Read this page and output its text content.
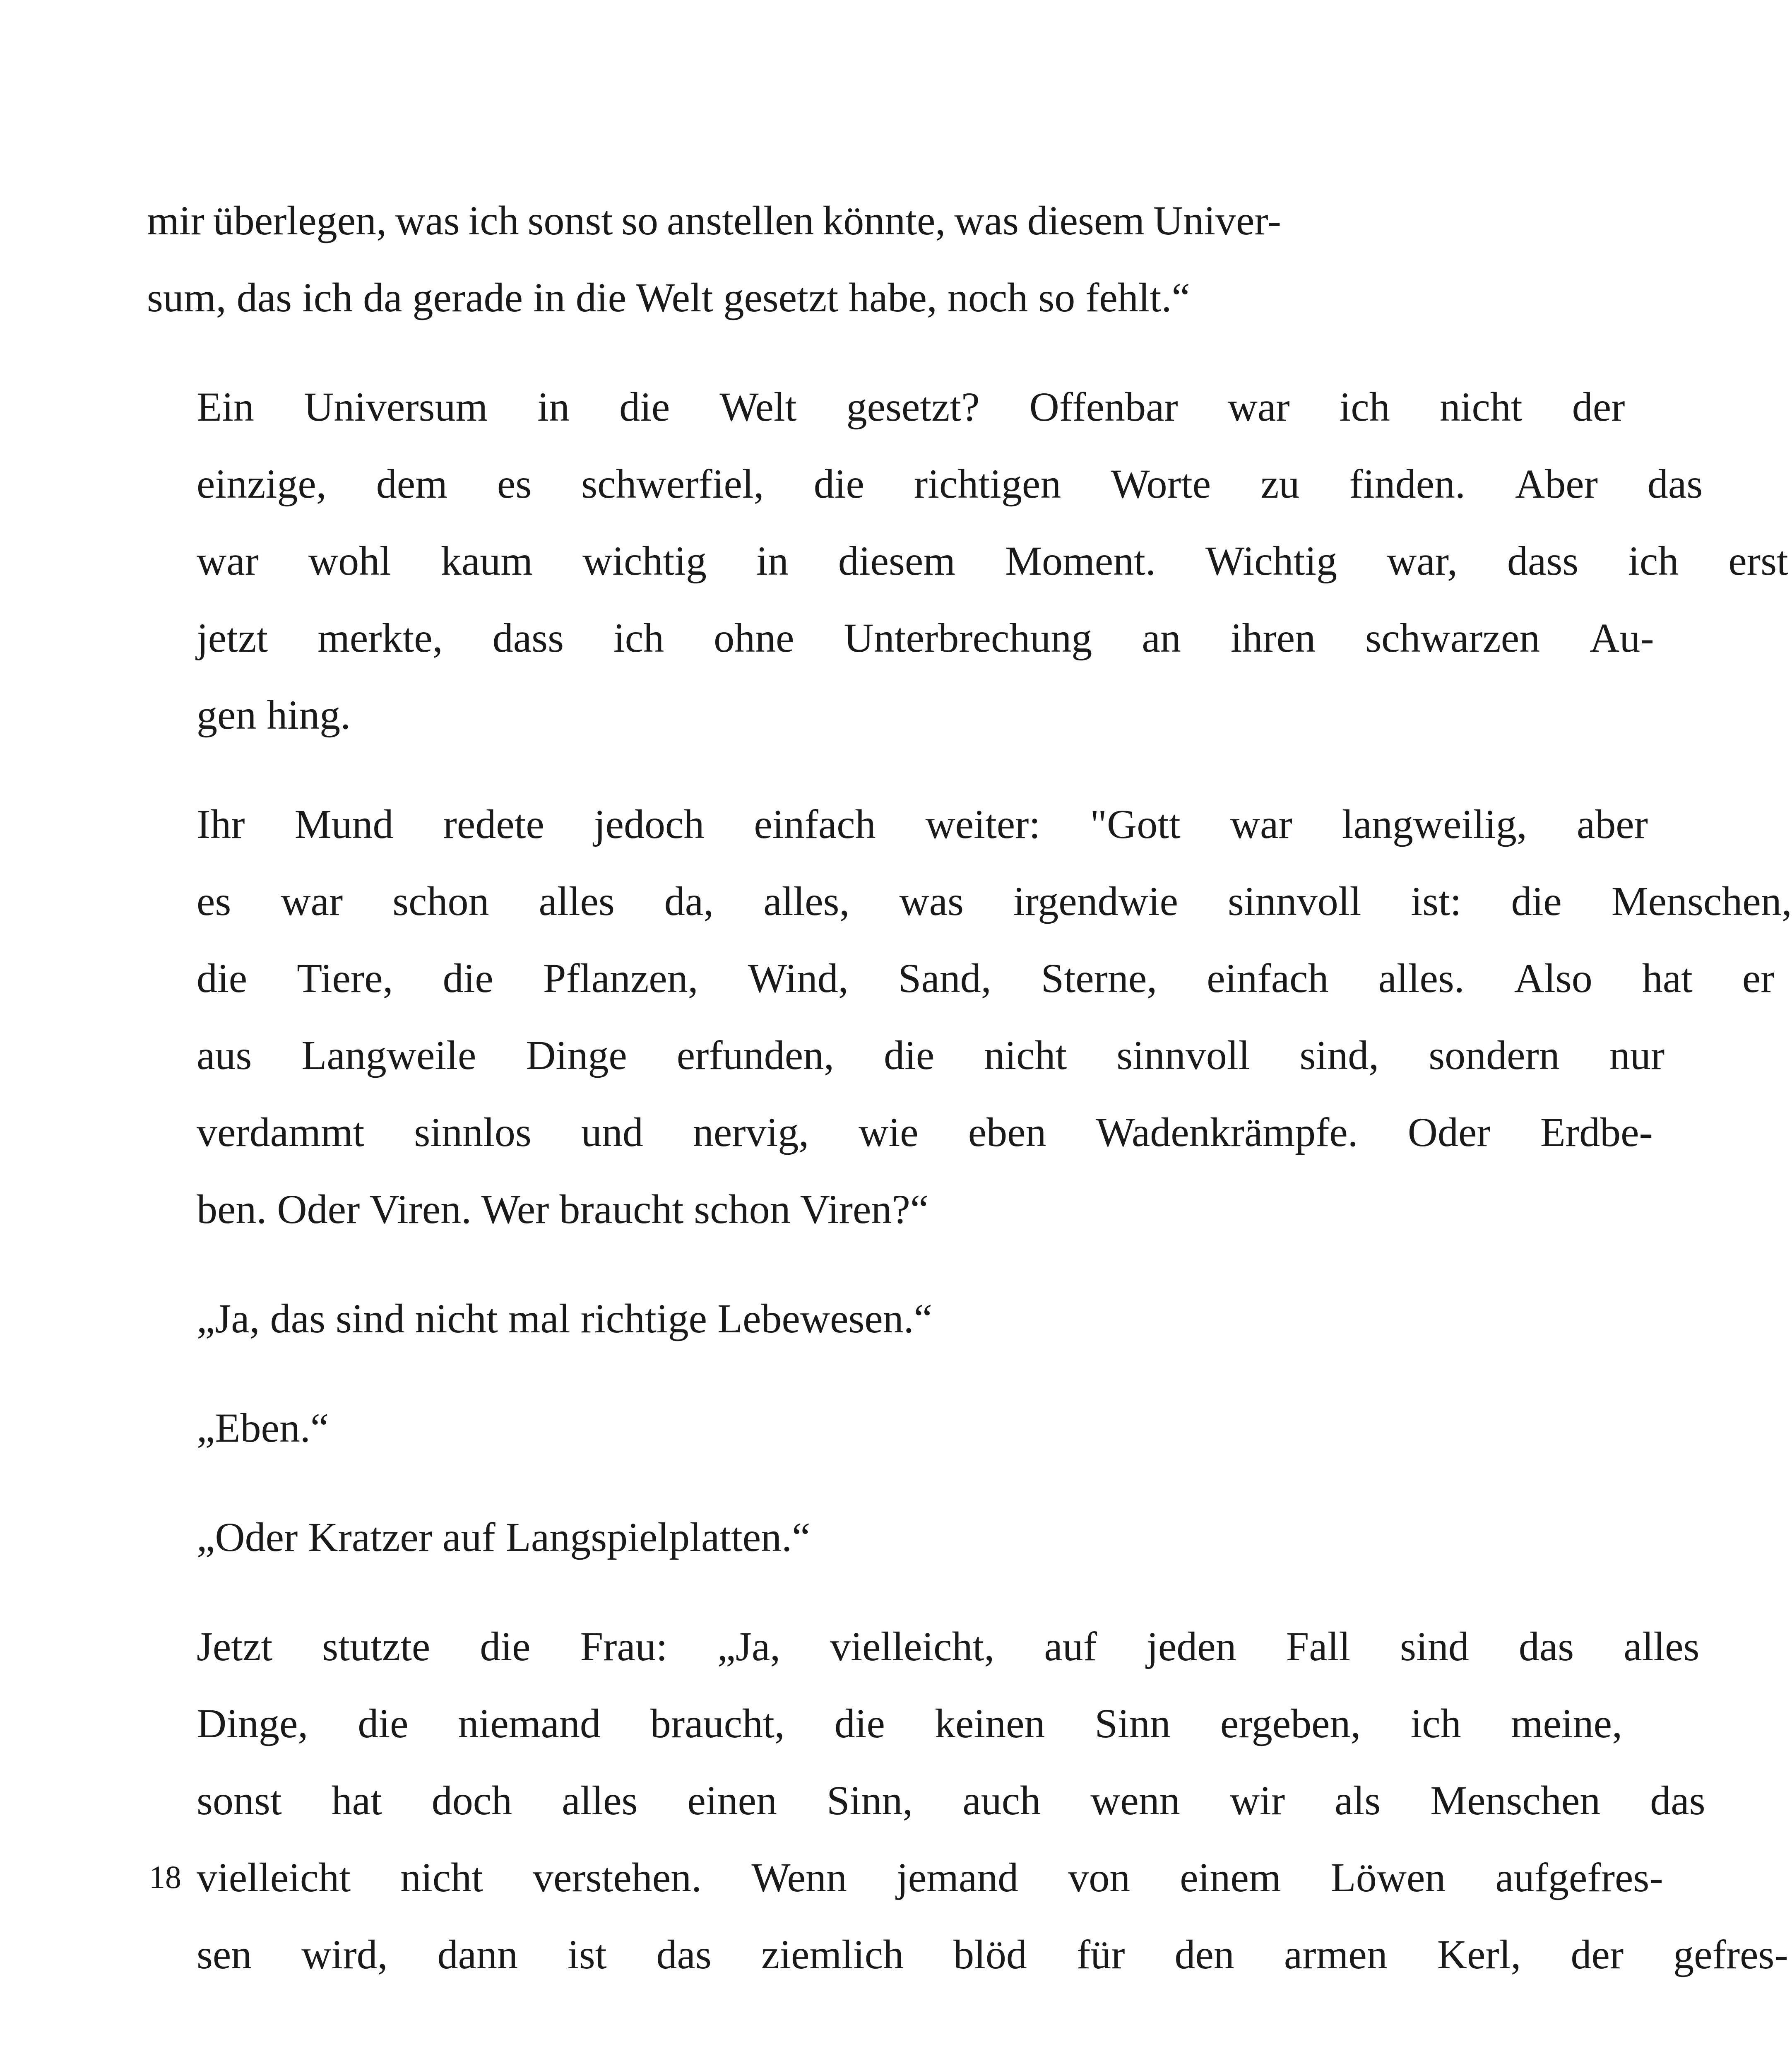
mir überlegen, was ich sonst so anstellen könnte, was diesem Univer-
sum, das ich da gerade in die Welt gesetzt habe, noch so fehlt.“

Ein	Universum	in	die	Welt	gesetzt?	Offenbar	war	ich	nicht	der
einzige,	dem	es	schwerfiel,	die	richtigen	Worte	zu	finden.	Aber	das
war	wohl	kaum	wichtig	in	diesem	Moment.	Wichtig	war,	dass	ich	erst
jetzt	merkte,	dass	ich	ohne	Unterbrechung	an	ihren	schwarzen	Au-
gen hing.

Ihr	Mund	redete	jedoch	einfach	weiter:	"Gott	war	langweilig,	aber
es	war	schon	alles	da,	alles,	was	irgendwie	sinnvoll	ist:	die	Menschen,
die	Tiere,	die	Pflanzen,	Wind,	Sand,	Sterne,	einfach	alles.	Also	hat	er
aus	Langweile	Dinge	erfunden,	die	nicht	sinnvoll	sind,	sondern	nur
verdammt	sinnlos	und	nervig,	wie	eben	Wadenkrämpfe.	Oder	Erdbe-
ben. Oder Viren. Wer braucht schon Viren?“

„Ja, das sind nicht mal richtige Lebewesen.“

„Eben.“

„Oder Kratzer auf Langspielplatten.“

Jetzt	stutzte	die	Frau:	„Ja,	vielleicht,	auf	jeden	Fall	sind	das	alles
Dinge,	die	niemand	braucht,	die	keinen	Sinn	ergeben,	ich	meine,
sonst	hat	doch	alles	einen	Sinn,	auch	wenn	wir	als	Menschen	das
vielleicht	nicht	verstehen.	Wenn	jemand	von	einem	Löwen	aufgefres-
sen	wird,	dann	ist	das	ziemlich	blöd	für	den	armen	Kerl,	der	gefres-

18
